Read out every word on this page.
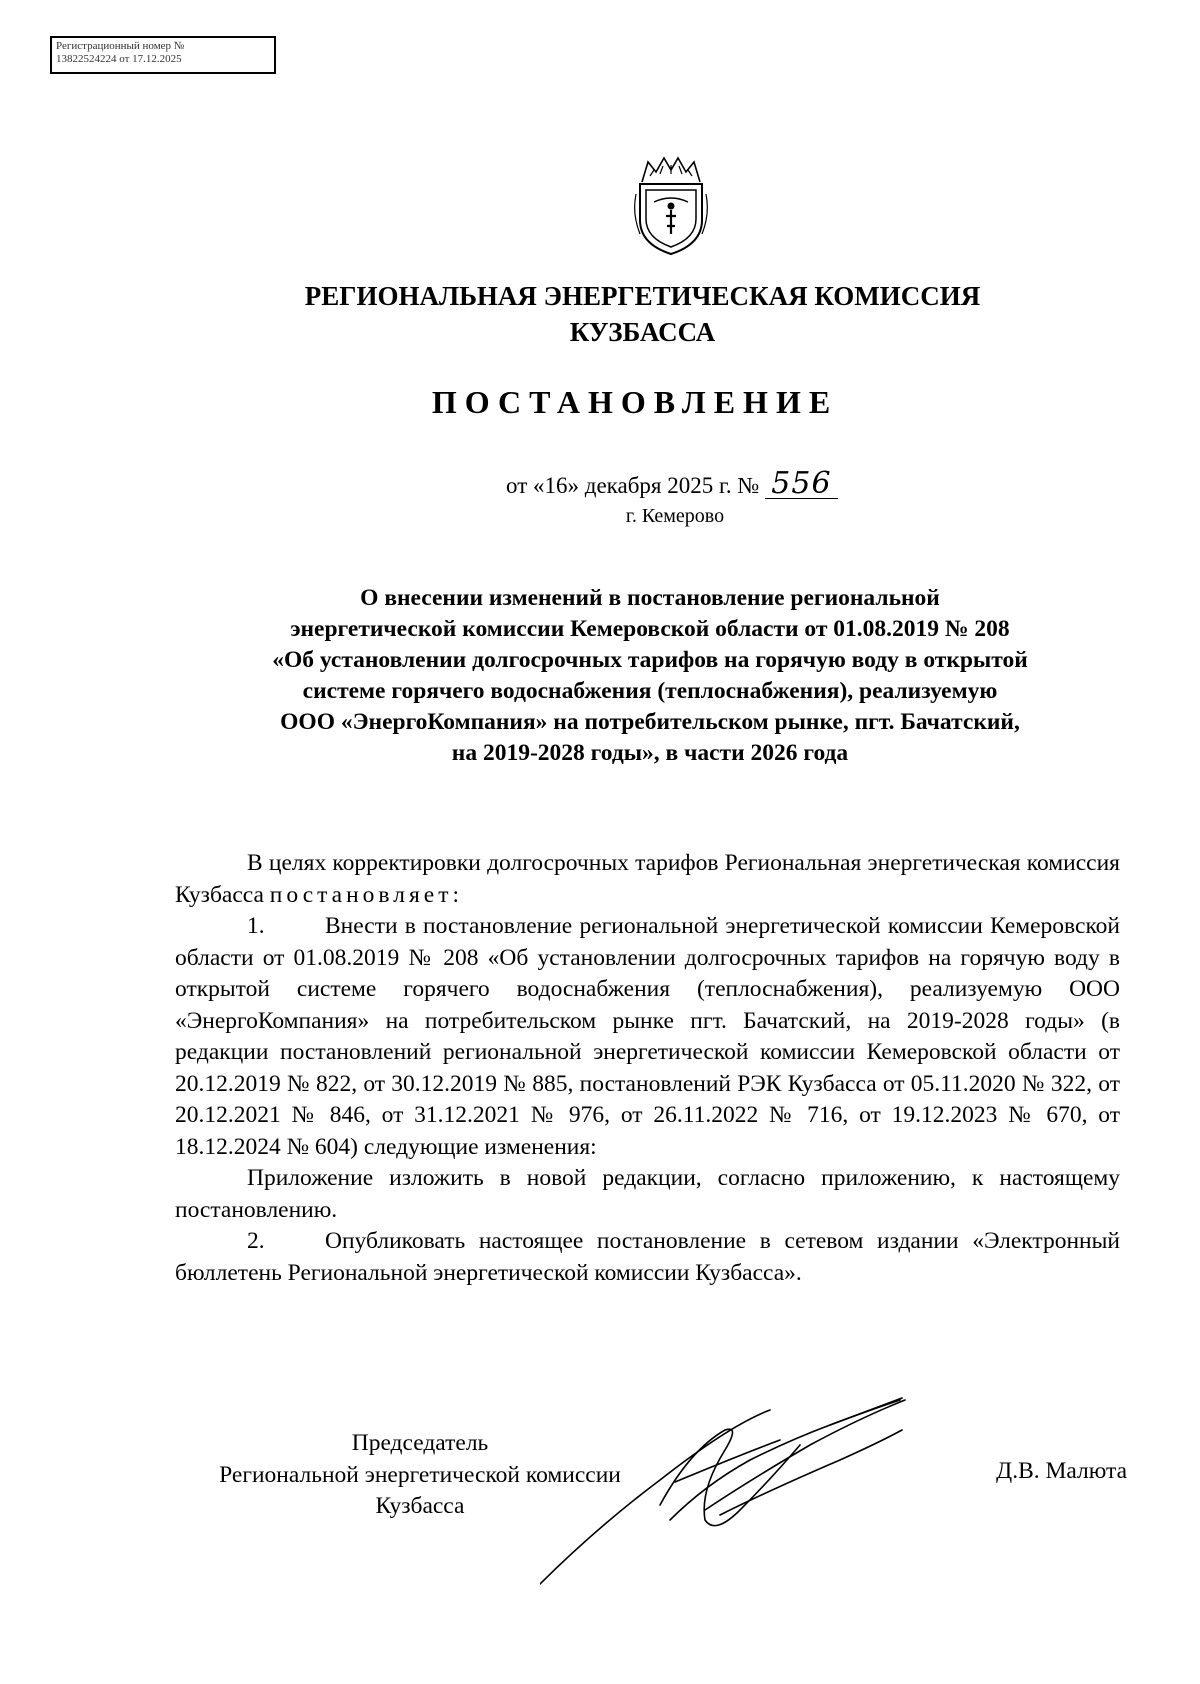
Регистрационный номер №
13822524224 от 17.12.2025
РЕГИОНАЛЬНАЯ ЭНЕРГЕТИЧЕСКАЯ КОМИССИЯ
КУЗБАССА
ПОСТАНОВЛЕНИЕ
от «16» декабря 2025 г. № 556
г. Кемерово
О внесении изменений в постановление региональной
энергетической комиссии Кемеровской области от 01.08.2019 № 208
«Об установлении долгосрочных тарифов на горячую воду в открытой
системе горячего водоснабжения (теплоснабжения), реализуемую
ООО «ЭнергоКомпания» на потребительском рынке, пгт. Бачатский,
на 2019-2028 годы», в части 2026 года

В целях корректировки долгосрочных тарифов Региональная энергетическая комиссия Кузбасса постановляет:

1.	Внести в постановление региональной энергетической комиссии Кемеровской области от 01.08.2019 № 208 «Об установлении долгосрочных тарифов на горячую воду в открытой системе горячего водоснабжения (теплоснабжения), реализуемую ООО «ЭнергоКомпания» на потребительском рынке пгт. Бачатский, на 2019-2028 годы» (в редакции постановлений региональной энергетической комиссии Кемеровской области от 20.12.2019 № 822, от 30.12.2019 № 885, постановлений РЭК Кузбасса от 05.11.2020 № 322, от 20.12.2021 № 846, от 31.12.2021 № 976, от 26.11.2022 № 716, от 19.12.2023 № 670, от 18.12.2024 № 604) следующие изменения:

Приложение изложить в новой редакции, согласно приложению, к настоящему постановлению.

2.	Опубликовать настоящее постановление в сетевом издании «Электронный бюллетень Региональной энергетической комиссии Кузбасса».

Председатель
Региональной энергетической комиссии
Кузбасса
Д.В. Малюта
